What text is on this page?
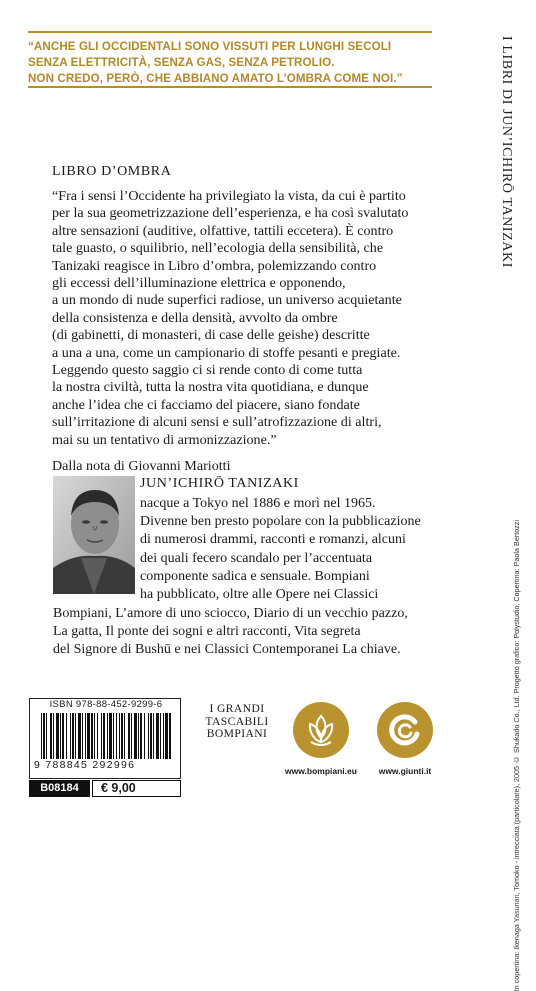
“ANCHE GLI OCCIDENTALI SONO VISSUTI PER LUNGHI SECOLI
SENZA ELETTRICITÀ, SENZA GAS, SENZA PETROLIO.
NON CREDO, PERÒ, CHE ABBIANO AMATO L’OMBRA COME NOI.”	I LIBRI DI JUN’ICHIRŌ TANIZAKI
LIBRO D’OMBRA
“Fra i sensi l’Occidente ha privilegiato la vista, da cui è partito
per la sua geometrizzazione dell’esperienza, e ha così svalutato
altre sensazioni (auditive, olfattive, tattili eccetera). È contro
tale guasto, o squilibrio, nell’ecologia della sensibilità, che
Tanizaki reagisce in Libro d’ombra, polemizzando contro
gli eccessi dell’illuminazione elettrica e opponendo,
a un mondo di nude superfici radiose, un universo acquietante
della consistenza e della densità, avvolto da ombre
(di gabinetti, di monasteri, di case delle geishe) descritte
a una a una, come un campionario di stoffe pesanti e pregiate.
Leggendo questo saggio ci si rende conto di come tutta
la nostra civiltà, tutta la nostra vita quotidiana, e dunque
anche l’idea che ci facciamo del piacere, siano fondate
sull’irritazione di alcuni sensi e sull’atrofizzazione di altri,
mai su un tentativo di armonizzazione.”
Dalla nota di Giovanni Mariotti
JUN’ICHIRŌ TANIZAKI
nacque a Tokyo nel 1886 e morì nel 1965.
Divenne ben presto popolare con la pubblicazione
di numerosi drammi, racconti e romanzi, alcuni
dei quali fecero scandalo per l’accentuata
componente sadica e sensuale. Bompiani
ha pubblicato, oltre alle Opere nei Classici
Bompiani, L’amore di uno sciocco, Diario di un vecchio pazzo,
La gatta, Il ponte dei sogni e altri racconti, Vita segreta
del Signore di Bushū e nei Classici Contemporanei La chiave.
ISBN 978-88-452-9299-6
9 788845 292996
B08184	€ 9,00
I GRANDI
TASCABILI
BOMPIANI
www.bompiani.eu	www.giunti.it	In copertina: Ikenaga Yasunari, Tomoko - intrecciata (particolare), 2005 © Shukado Co., Ltd. Progetto grafico: Polystudio. Copertina: Paola Bertozzi
